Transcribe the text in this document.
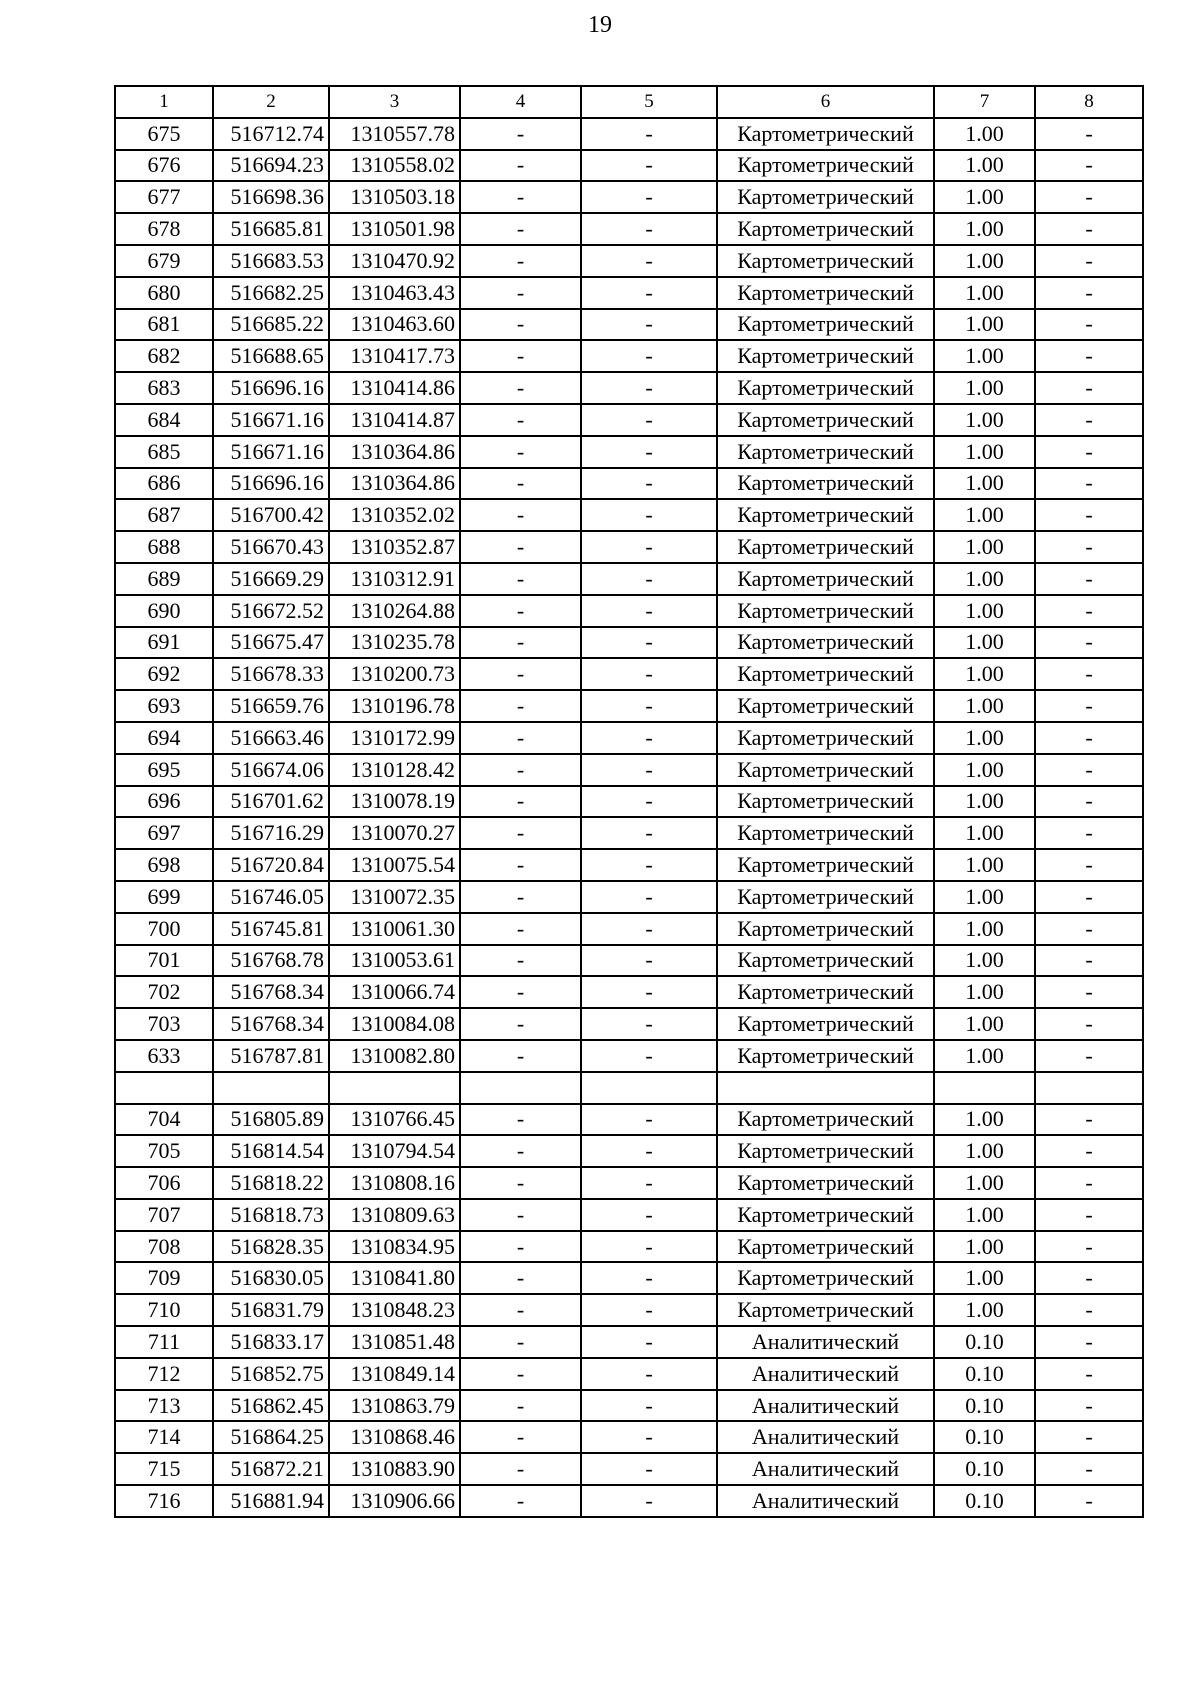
19
1	2	3	4	5	6	7	8
675	516712.74	1310557.78	-	-	Картометрический	1.00	-
676	516694.23	1310558.02	-	-	Картометрический	1.00	-
677	516698.36	1310503.18	-	-	Картометрический	1.00	-
678	516685.81	1310501.98	-	-	Картометрический	1.00	-
679	516683.53	1310470.92	-	-	Картометрический	1.00	-
680	516682.25	1310463.43	-	-	Картометрический	1.00	-
681	516685.22	1310463.60	-	-	Картометрический	1.00	-
682	516688.65	1310417.73	-	-	Картометрический	1.00	-
683	516696.16	1310414.86	-	-	Картометрический	1.00	-
684	516671.16	1310414.87	-	-	Картометрический	1.00	-
685	516671.16	1310364.86	-	-	Картометрический	1.00	-
686	516696.16	1310364.86	-	-	Картометрический	1.00	-
687	516700.42	1310352.02	-	-	Картометрический	1.00	-
688	516670.43	1310352.87	-	-	Картометрический	1.00	-
689	516669.29	1310312.91	-	-	Картометрический	1.00	-
690	516672.52	1310264.88	-	-	Картометрический	1.00	-
691	516675.47	1310235.78	-	-	Картометрический	1.00	-
692	516678.33	1310200.73	-	-	Картометрический	1.00	-
693	516659.76	1310196.78	-	-	Картометрический	1.00	-
694	516663.46	1310172.99	-	-	Картометрический	1.00	-
695	516674.06	1310128.42	-	-	Картометрический	1.00	-
696	516701.62	1310078.19	-	-	Картометрический	1.00	-
697	516716.29	1310070.27	-	-	Картометрический	1.00	-
698	516720.84	1310075.54	-	-	Картометрический	1.00	-
699	516746.05	1310072.35	-	-	Картометрический	1.00	-
700	516745.81	1310061.30	-	-	Картометрический	1.00	-
701	516768.78	1310053.61	-	-	Картометрический	1.00	-
702	516768.34	1310066.74	-	-	Картометрический	1.00	-
703	516768.34	1310084.08	-	-	Картометрический	1.00	-
633	516787.81	1310082.80	-	-	Картометрический	1.00	-

704	516805.89	1310766.45	-	-	Картометрический	1.00	-
705	516814.54	1310794.54	-	-	Картометрический	1.00	-
706	516818.22	1310808.16	-	-	Картометрический	1.00	-
707	516818.73	1310809.63	-	-	Картометрический	1.00	-
708	516828.35	1310834.95	-	-	Картометрический	1.00	-
709	516830.05	1310841.80	-	-	Картометрический	1.00	-
710	516831.79	1310848.23	-	-	Картометрический	1.00	-
711	516833.17	1310851.48	-	-	Аналитический	0.10	-
712	516852.75	1310849.14	-	-	Аналитический	0.10	-
713	516862.45	1310863.79	-	-	Аналитический	0.10	-
714	516864.25	1310868.46	-	-	Аналитический	0.10	-
715	516872.21	1310883.90	-	-	Аналитический	0.10	-
716	516881.94	1310906.66	-	-	Аналитический	0.10	-
